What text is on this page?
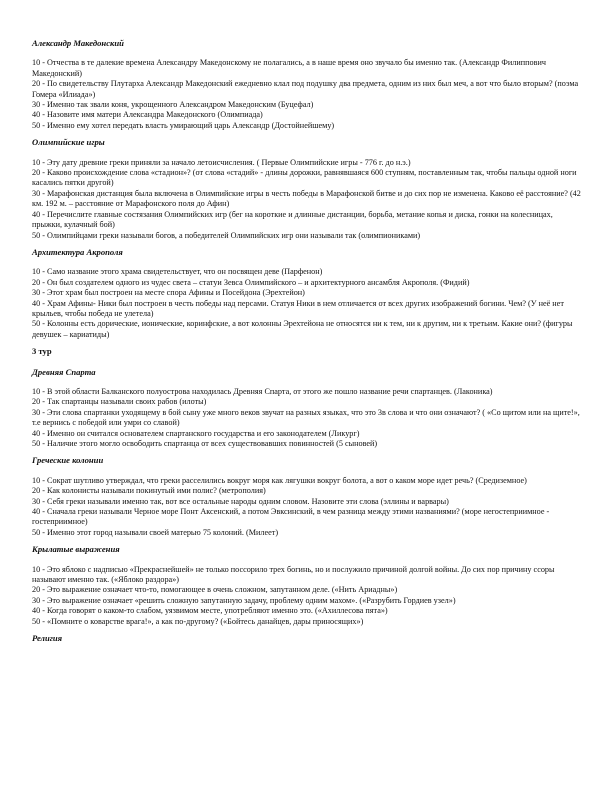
Александр Македонский

10 - Отчества в те далекие времена Александру Македонскому не полагались, а в наше время оно звучало бы именно так. (Александр Филиппович Македонский)

20 - По свидетельству Плутарха Александр Македонский ежедневно клал под подушку два предмета, одним из них был меч, а вот что было вторым? (поэма Гомера «Илиада»)

30 - Именно так звали коня, укрощенного Александром Македонским (Буцефал)

40 - Назовите имя матери Александра Македонского (Олимпиада)

50 - Именно ему хотел передать власть умирающий царь Александр (Достойнейшему)

Олимпийские игры

10 - Эту дату древние греки приняли за начало летоисчисления. ( Первые Олимпийские игры - 776 г. до н.э.)

20 - Каково происхождение слова «стадион»? (от слова «стадий» - длины дорожки, равнявшаяся 600 ступням, поставленным так, чтобы пальцы одной ноги касались пятки другой)

30 - Марафонская дистанция была включена в Олимпийские игры в честь победы в Марафонской битве и до сих пор не изменена. Каково её расстояние? (42 км. 192 м. – расстояние от Марафонского поля до Афин)

40 - Перечислите главные состязания Олимпийских игр (бег на короткие и длинные дистанции, борьба, метание копья и диска, гонки на колесницах, прыжки, кулачный бой)

50 - Олимпийцами греки называли богов, а победителей Олимпийских игр они называли так (олимпиониками)

Архитектура Акрополя

10 - Само название этого храма свидетельствует, что он посвящен деве (Парфенон)

20 - Он был создателем одного из чудес света – статуи Зевса Олимпийского – и архитектурного ансамбля Акрополя. (Фидий)

30 - Этот храм был построен на месте спора Афины и Посейдона (Эрехтейон)

40 - Храм Афины- Ники был построен в честь победы над персами. Статуя Ники в нем отличается от всех других изображений богини. Чем? (У неё нет крыльев, чтобы победа не улетела)

50 - Колонны есть дорические, ионические, коринфские, а вот колонны Эрехтейона не относятся ни к тем, ни к другим, ни к третьим. Какие они? (фигуры девушек – кариатиды)

3 тур
Древняя Спарта

10 - В этой области Балканского полуострова находилась Древняя Спарта, от этого же пошло название речи спартанцев. (Лаконика)

20 - Так спартанцы называли своих рабов (илоты)

30 - Эти слова спартанки уходящему в бой сыну уже много веков звучат на разных языках, что это 3в слова и что они означают? ( «Со щитом или на щите!», т.е вернись с победой или умри со славой)

40 - Именно он считался основателем спартанского государства и его законодателем (Ликург)

50 - Наличие этого могло освободить спартанца от всех существовавших повинностей (5 сыновей)

Греческие колонии

10 - Сократ шутливо утверждал, что греки расселились вокруг моря как лягушки вокруг болота, а вот о каком море идет речь? (Средиземное)

20 - Как колонисты называли покинутый ими полис? (метрополия)

30 - Себя греки называли именно так, вот все остальные народы одним словом. Назовите эти слова (эллины и варвары)

40 - Сначала греки называли Черное море Понт Аксенский, а потом Эвксинский, в чем разница между этими названиями? (море негостеприимное - гостеприимное)

50 - Именно этот город называли своей матерью 75 колоний. (Милеет)

Крылатые выражения

10 - Это яблоко с надписью «Прекраснейшей» не только поссорило трех богинь, но и послужило причиной долгой войны. До сих пор причину ссоры называют именно так. («Яблоко раздора»)

20 - Это выражение означает что-то, помогающее в очень сложном, запутанном деле. («Нить Ариадны»)

30 - Это выражение означает «решить сложную запутанную задачу, проблему одним махом». («Разрубить Гордиев узел»)

40 - Когда говорят о каком-то слабом, уязвимом месте, употребляют именно это. («Ахиллесова пята»)

50 - «Помните о коварстве врага!», а как по-другому? («Бойтесь данайцев, дары приносящих»)

Религия
